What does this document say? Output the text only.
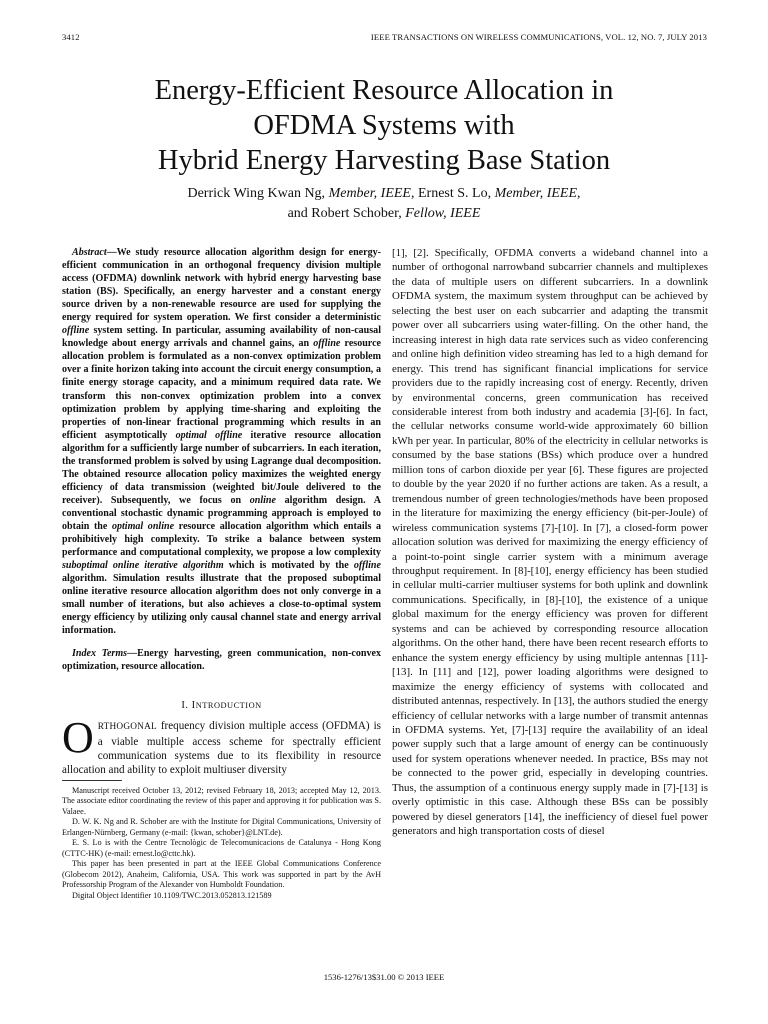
3412	IEEE TRANSACTIONS ON WIRELESS COMMUNICATIONS, VOL. 12, NO. 7, JULY 2013
Energy-Efficient Resource Allocation in
OFDMA Systems with
Hybrid Energy Harvesting Base Station
Derrick Wing Kwan Ng, Member, IEEE, Ernest S. Lo, Member, IEEE,
and Robert Schober, Fellow, IEEE

Abstract—We study resource allocation algorithm design for energy-efficient communication in an orthogonal frequency division multiple access (OFDMA) downlink network with hybrid energy harvesting base station (BS). Specifically, an energy harvester and a constant energy source driven by a non-renewable resource are used for supplying the energy required for system operation. We first consider a deterministic offline system setting. In particular, assuming availability of non-causal knowledge about energy arrivals and channel gains, an offline resource allocation problem is formulated as a non-convex optimization problem over a finite horizon taking into account the circuit energy consumption, a finite energy storage capacity, and a minimum required data rate. We transform this non-convex optimization problem into a convex optimization problem by applying time-sharing and exploiting the properties of non-linear fractional programming which results in an efficient asymptotically optimal offline iterative resource allocation algorithm for a sufficiently large number of subcarriers. In each iteration, the transformed problem is solved by using Lagrange dual decomposition. The obtained resource allocation policy maximizes the weighted energy efficiency of data transmission (weighted bit/Joule delivered to the receiver). Subsequently, we focus on online algorithm design. A conventional stochastic dynamic programming approach is employed to obtain the optimal online resource allocation algorithm which entails a prohibitively high complexity. To strike a balance between system performance and computational complexity, we propose a low complexity suboptimal online iterative algorithm which is motivated by the offline algorithm. Simulation results illustrate that the proposed suboptimal online iterative resource allocation algorithm does not only converge in a small number of iterations, but also achieves a close-to-optimal system energy efficiency by utilizing only causal channel state and energy arrival information.

Index Terms—Energy harvesting, green communication, non-convex optimization, resource allocation.

I. INTRODUCTION

ORTHOGONAL frequency division multiple access (OFDMA) is a viable multiple access scheme for spectrally efficient communication systems due to its flexibility in resource allocation and ability to exploit multiuser diversity

Manuscript received October 13, 2012; revised February 18, 2013; accepted May 12, 2013. The associate editor coordinating the review of this paper and approving it for publication was S. Valaee.

D. W. K. Ng and R. Schober are with the Institute for Digital Communications, University of Erlangen-Nürnberg, Germany (e-mail: {kwan, schober}@LNT.de).

E. S. Lo is with the Centre Tecnològic de Telecomunicacions de Catalunya - Hong Kong (CTTC-HK) (e-mail: ernest.lo@cttc.hk).

This paper has been presented in part at the IEEE Global Communications Conference (Globecom 2012), Anaheim, California, USA. This work was supported in part by the AvH Professorship Program of the Alexander von Humboldt Foundation.

Digital Object Identifier 10.1109/TWC.2013.052813.121589

[1], [2]. Specifically, OFDMA converts a wideband channel into a number of orthogonal narrowband subcarrier channels and multiplexes the data of multiple users on different subcarriers. In a downlink OFDMA system, the maximum system throughput can be achieved by selecting the best user on each subcarrier and adapting the transmit power over all subcarriers using water-filling. On the other hand, the increasing interest in high data rate services such as video conferencing and online high definition video streaming has led to a high demand for energy. This trend has significant financial implications for service providers due to the rapidly increasing cost of energy. Recently, driven by environmental concerns, green communication has received considerable interest from both industry and academia [3]-[6]. In fact, the cellular networks consume world-wide approximately 60 billion kWh per year. In particular, 80% of the electricity in cellular networks is consumed by the base stations (BSs) which produce over a hundred million tons of carbon dioxide per year [6]. These figures are projected to double by the year 2020 if no further actions are taken. As a result, a tremendous number of green technologies/methods have been proposed in the literature for maximizing the energy efficiency (bit-per-Joule) of wireless communication systems [7]-[10]. In [7], a closed-form power allocation solution was derived for maximizing the energy efficiency of a point-to-point single carrier system with a minimum average throughput requirement. In [8]-[10], energy efficiency has been studied in cellular multi-carrier multiuser systems for both uplink and downlink communications. Specifically, in [8]-[10], the existence of a unique global maximum for the energy efficiency was proven for different systems and can be achieved by corresponding resource allocation algorithms. On the other hand, there have been recent research efforts to enhance the system energy efficiency by using multiple antennas [11]-[13]. In [11] and [12], power loading algorithms were designed to maximize the energy efficiency of systems with collocated and distributed antennas, respectively. In [13], the authors studied the energy efficiency of cellular networks with a large number of transmit antennas in OFDMA systems. Yet, [7]-[13] require the availability of an ideal power supply such that a large amount of energy can be continuously used for system operations whenever needed. In practice, BSs may not be connected to the power grid, especially in developing countries. Thus, the assumption of a continuous energy supply made in [7]-[13] is overly optimistic in this case. Although these BSs can be possibly powered by diesel generators [14], the inefficiency of diesel fuel power generators and high transportation costs of diesel

1536-1276/13$31.00 © 2013 IEEE
